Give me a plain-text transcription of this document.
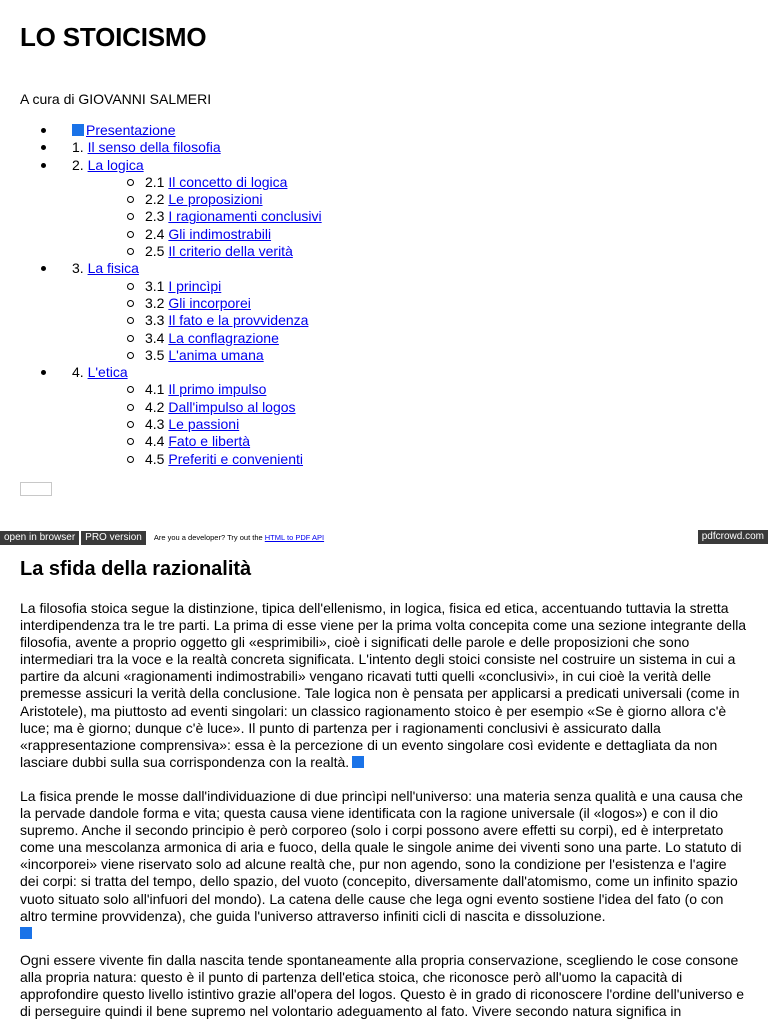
LO STOICISMO

A cura di GIOVANNI SALMERI

Presentazione
1. Il senso della filosofia
2. La logica
2.1 Il concetto di logica
2.2 Le proposizioni
2.3 I ragionamenti conclusivi
2.4 Gli indimostrabili
2.5 Il criterio della verità
3. La fisica
3.1 I princìpi
3.2 Gli incorporei
3.3 Il fato e la provvidenza
3.4 La conflagrazione
3.5 L'anima umana
4. L'etica
4.1 Il primo impulso
4.2 Dall'impulso al logos
4.3 Le passioni
4.4 Fato e libertà
4.5 Preferiti e convenienti
open in browser	PRO version	Are you a developer? Try out the HTML to PDF API	pdfcrowd.com
La sfida della razionalità

La filosofia stoica segue la distinzione, tipica dell'ellenismo, in logica, fisica ed etica, accentuando tuttavia la stretta interdipendenza tra le tre parti. La prima di esse viene per la prima volta concepita come una sezione integrante della filosofia, avente a proprio oggetto gli «esprimibili», cioè i significati delle parole e delle proposizioni che sono intermediari tra la voce e la realtà concreta significata. L'intento degli stoici consiste nel costruire un sistema in cui a partire da alcuni «ragionamenti indimostrabili» vengano ricavati tutti quelli «conclusivi», in cui cioè la verità delle premesse assicuri la verità della conclusione. Tale logica non è pensata per applicarsi a predicati universali (come in Aristotele), ma piuttosto ad eventi singolari: un classico ragionamento stoico è per esempio «Se è giorno allora c'è luce; ma è giorno; dunque c'è luce». Il punto di partenza per i ragionamenti conclusivi è assicurato dalla «rappresentazione comprensiva»: essa è la percezione di un evento singolare così evidente e dettagliata da non lasciare dubbi sulla sua corrispondenza con la realtà.

La fisica prende le mosse dall'individuazione di due princìpi nell'universo: una materia senza qualità e una causa che la pervade dandole forma e vita; questa causa viene identificata con la ragione universale (il «logos») e con il dio supremo. Anche il secondo principio è però corporeo (solo i corpi possono avere effetti su corpi), ed è interpretato come una mescolanza armonica di aria e fuoco, della quale le singole anime dei viventi sono una parte. Lo statuto di «incorporei» viene riservato solo ad alcune realtà che, pur non agendo, sono la condizione per l'esistenza e l'agire dei corpi: si tratta del tempo, dello spazio, del vuoto (concepito, diversamente dall'atomismo, come un infinito spazio vuoto situato solo all'infuori del mondo). La catena delle cause che lega ogni evento sostiene l'idea del fato (o con altro termine provvidenza), che guida l'universo attraverso infiniti cicli di nascita e dissoluzione.

Ogni essere vivente fin dalla nascita tende spontaneamente alla propria conservazione, scegliendo le cose consone alla propria natura: questo è il punto di partenza dell'etica stoica, che riconosce però all'uomo la capacità di approfondire questo livello istintivo grazie all'opera del logos. Questo è in grado di riconoscere l'ordine dell'universo e di perseguire quindi il bene supremo nel volontario adeguamento al fato. Vivere secondo natura significa in
